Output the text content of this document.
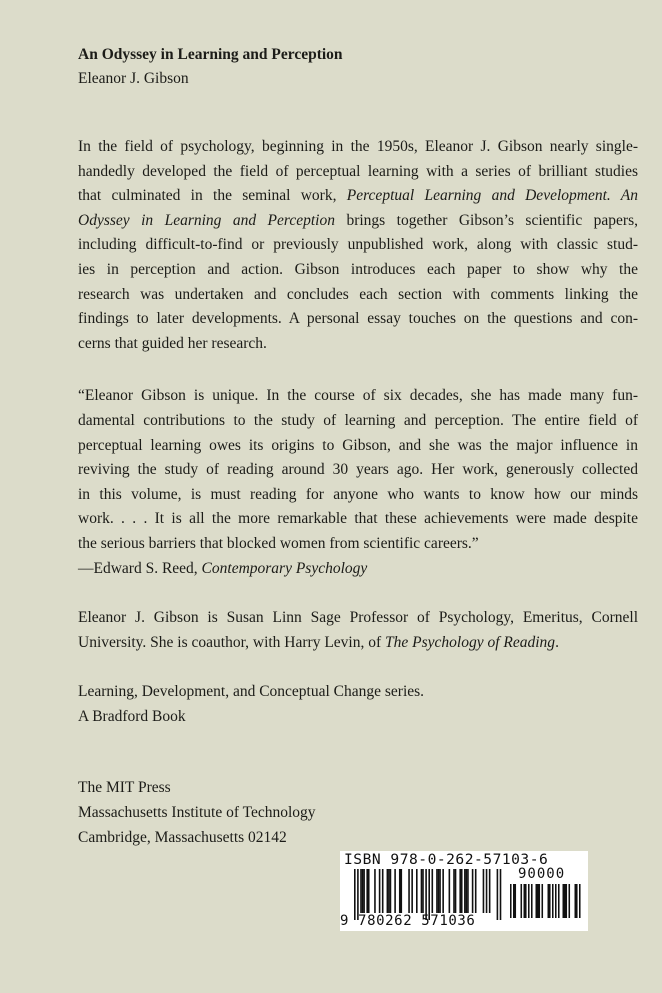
An Odyssey in Learning and Perception

Eleanor J. Gibson

In the field of psychology, beginning in the 1950s, Eleanor J. Gibson nearly single-
handedly developed the field of perceptual learning with a series of brilliant studies
that culminated in the seminal work, Perceptual Learning and Development. An
Odyssey in Learning and Perception brings together Gibson’s scientific papers,
including difficult-to-find or previously unpublished work, along with classic stud-
ies in perception and action. Gibson introduces each paper to show why the
research was undertaken and concludes each section with comments linking the
findings to later developments. A personal essay touches on the questions and con-
cerns that guided her research.

“Eleanor Gibson is unique. In the course of six decades, she has made many fun-
damental contributions to the study of learning and perception. The entire field of
perceptual learning owes its origins to Gibson, and she was the major influence in
reviving the study of reading around 30 years ago. Her work, generously collected
in this volume, is must reading for anyone who wants to know how our minds
work. . . . It is all the more remarkable that these achievements were made despite
the serious barriers that blocked women from scientific careers.”
—Edward S. Reed, Contemporary Psychology

Eleanor J. Gibson is Susan Linn Sage Professor of Psychology, Emeritus, Cornell
University. She is coauthor, with Harry Levin, of The Psychology of Reading.

Learning, Development, and Conceptual Change series.
A Bradford Book

The MIT Press
Massachusetts Institute of Technology
Cambridge, Massachusetts 02142

ISBN 978-0-262-57103-6
90000
9 780262 571036
